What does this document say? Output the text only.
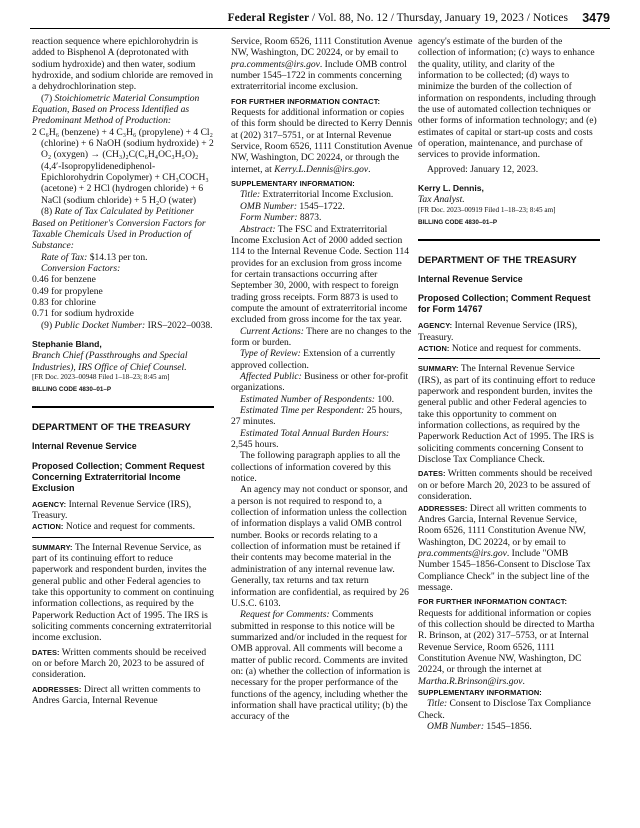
Federal Register / Vol. 88, No. 12 / Thursday, January 19, 2023 / Notices 3479

reaction sequence where epichlorohydrin is added to Bisphenol A (deprotonated with sodium hydroxide) and then water, sodium hydroxide, and sodium chloride are removed in a dehydrochlorination step.

(7) Stoichiometric Material Consumption Equation, Based on Process Identified as Predominant Method of Production:

2 C₆H₆ (benzene) + 4 C₃H₆ (propylene) + 4 Cl₂ (chlorine) + 6 NaOH (sodium hydroxide) + 2 O₂ (oxygen) → (CH₃)₂C(C₆H₄OC₃H₅O)₂ (4,4′-Isopropylidenediphenol-Epichlorohydrin Copolymer) + CH₃COCH₃ (acetone) + 2 HCl (hydrogen chloride) + 6 NaCl (sodium chloride) + 5 H₂O (water)

(8) Rate of Tax Calculated by Petitioner Based on Petitioner's Conversion Factors for Taxable Chemicals Used in Production of Substance:

Rate of Tax: $14.13 per ton.

Conversion Factors:

0.46 for benzene

0.49 for propylene

0.83 for chlorine

0.71 for sodium hydroxide

(9) Public Docket Number: IRS–2022–0038.

Stephanie Bland,

Branch Chief (Passthroughs and Special Industries), IRS Office of Chief Counsel.

[FR Doc. 2023–00948 Filed 1–18–23; 8:45 am]

BILLING CODE 4830–01–P

DEPARTMENT OF THE TREASURY

Internal Revenue Service

Proposed Collection; Comment Request Concerning Extraterritorial Income Exclusion

AGENCY: Internal Revenue Service (IRS), Treasury.

ACTION: Notice and request for comments.

SUMMARY: The Internal Revenue Service, as part of its continuing effort to reduce paperwork and respondent burden, invites the general public and other Federal agencies to take this opportunity to comment on continuing information collections, as required by the Paperwork Reduction Act of 1995. The IRS is soliciting comments concerning extraterritorial income exclusion.

DATES: Written comments should be received on or before March 20, 2023 to be assured of consideration.

ADDRESSES: Direct all written comments to Andres Garcia, Internal Revenue

Service, Room 6526, 1111 Constitution Avenue NW, Washington, DC 20224, or by email to pra.comments@irs.gov. Include OMB control number 1545–1722 in comments concerning extraterritorial income exclusion.

FOR FURTHER INFORMATION CONTACT:

Requests for additional information or copies of this form should be directed to Kerry Dennis at (202) 317–5751, or at Internal Revenue Service, Room 6526, 1111 Constitution Avenue NW, Washington, DC 20224, or through the internet, at Kerry.L.Dennis@irs.gov.

SUPPLEMENTARY INFORMATION:

Title: Extraterritorial Income Exclusion.

OMB Number: 1545–1722.

Form Number: 8873.

Abstract: The FSC and Extraterritorial Income Exclusion Act of 2000 added section 114 to the Internal Revenue Code. Section 114 provides for an exclusion from gross income for certain transactions occurring after September 30, 2000, with respect to foreign trading gross receipts. Form 8873 is used to compute the amount of extraterritorial income excluded from gross income for the tax year.

Current Actions: There are no changes to the form or burden.

Type of Review: Extension of a currently approved collection.

Affected Public: Business or other for-profit organizations.

Estimated Number of Respondents: 100.

Estimated Time per Respondent: 25 hours, 27 minutes.

Estimated Total Annual Burden Hours: 2,545 hours.

The following paragraph applies to all the collections of information covered by this notice.

An agency may not conduct or sponsor, and a person is not required to respond to, a collection of information unless the collection of information displays a valid OMB control number. Books or records relating to a collection of information must be retained if their contents may become material in the administration of any internal revenue law. Generally, tax returns and tax return information are confidential, as required by 26 U.S.C. 6103.

Request for Comments: Comments submitted in response to this notice will be summarized and/or included in the request for OMB approval. All comments will become a matter of public record. Comments are invited on: (a) whether the collection of information is necessary for the proper performance of the functions of the agency, including whether the information shall have practical utility; (b) the accuracy of the

agency's estimate of the burden of the collection of information; (c) ways to enhance the quality, utility, and clarity of the information to be collected; (d) ways to minimize the burden of the collection of information on respondents, including through the use of automated collection techniques or other forms of information technology; and (e) estimates of capital or start-up costs and costs of operation, maintenance, and purchase of services to provide information.

Approved: January 12, 2023.

Kerry L. Dennis,

Tax Analyst.

[FR Doc. 2023–00919 Filed 1–18–23; 8:45 am]

BILLING CODE 4830–01–P

DEPARTMENT OF THE TREASURY

Internal Revenue Service

Proposed Collection; Comment Request for Form 14767

AGENCY: Internal Revenue Service (IRS), Treasury.

ACTION: Notice and request for comments.

SUMMARY: The Internal Revenue Service (IRS), as part of its continuing effort to reduce paperwork and respondent burden, invites the general public and other Federal agencies to take this opportunity to comment on information collections, as required by the Paperwork Reduction Act of 1995. The IRS is soliciting comments concerning Consent to Disclose Tax Compliance Check.

DATES: Written comments should be received on or before March 20, 2023 to be assured of consideration.

ADDRESSES: Direct all written comments to Andres Garcia, Internal Revenue Service, Room 6526, 1111 Constitution Avenue NW, Washington, DC 20224, or by email to pra.comments@irs.gov. Include "OMB Number 1545–1856-Consent to Disclose Tax Compliance Check" in the subject line of the message.

FOR FURTHER INFORMATION CONTACT:

Requests for additional information or copies of this collection should be directed to Martha R. Brinson, at (202) 317–5753, or at Internal Revenue Service, Room 6526, 1111 Constitution Avenue NW, Washington, DC 20224, or through the internet at Martha.R.Brinson@irs.gov.

SUPPLEMENTARY INFORMATION:

Title: Consent to Disclose Tax Compliance Check.

OMB Number: 1545–1856.
